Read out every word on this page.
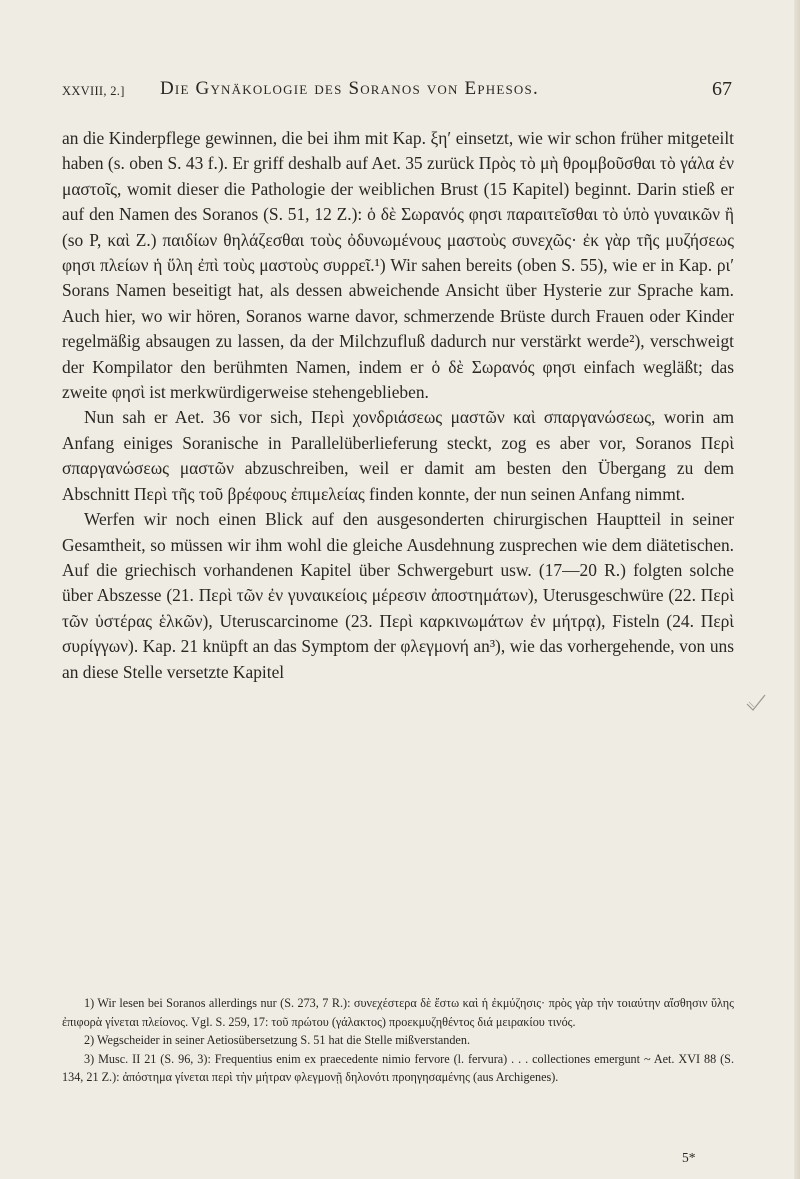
XXVIII, 2.] Die Gynäkologie des Soranos von Ephesos.	67

an die Kinderpflege gewinnen, die bei ihm mit Kap. ξη′ einsetzt, wie wir schon früher mitgeteilt haben (s. oben S. 43 f.). Er griff deshalb auf Aet. 35 zurück Πρὸς τὸ μὴ θρομβοῦσθαι τὸ γάλα ἐν μαστοῖς, womit dieser die Pathologie der weiblichen Brust (15 Kapitel) beginnt. Darin stieß er auf den Namen des Soranos (S. 51, 12 Z.): ὁ δὲ Σωρανός φησι παραιτεῖσθαι τὸ ὑπὸ γυναικῶν ἢ (so P, καὶ Z.) παιδίων θηλάζεσθαι τοὺς ὀδυνωμένους μαστοὺς συνεχῶς· ἐκ γὰρ τῆς μυζήσεως φησι πλείων ἡ ὕλη ἐπὶ τοὺς μαστοὺς συρρεῖ.¹) Wir sahen bereits (oben S. 55), wie er in Kap. ρι′ Sorans Namen beseitigt hat, als dessen abweichende Ansicht über Hysterie zur Sprache kam. Auch hier, wo wir hören, Soranos warne davor, schmerzende Brüste durch Frauen oder Kinder regelmäßig absaugen zu lassen, da der Milchzufluß dadurch nur verstärkt werde²), verschweigt der Kompilator den berühmten Namen, indem er ὁ δὲ Σωρανός φησι einfach wegläßt; das zweite φησὶ ist merkwürdigerweise stehengeblieben.

Nun sah er Aet. 36 vor sich, Περὶ χονδριάσεως μαστῶν καὶ σπαργανώσεως, worin am Anfang einiges Soranische in Parallelüberlieferung steckt, zog es aber vor, Soranos Περὶ σπαργανώσεως μαστῶν abzuschreiben, weil er damit am besten den Übergang zu dem Abschnitt Περὶ τῆς τοῦ βρέφους ἐπιμελείας finden konnte, der nun seinen Anfang nimmt.

Werfen wir noch einen Blick auf den ausgesonderten chirurgischen Hauptteil in seiner Gesamtheit, so müssen wir ihm wohl die gleiche Ausdehnung zusprechen wie dem diätetischen. Auf die griechisch vorhandenen Kapitel über Schwergeburt usw. (17—20 R.) folgten solche über Abszesse (21. Περὶ τῶν ἐν γυναικείοις μέρεσιν ἀποστημάτων), Uterusgeschwüre (22. Περὶ τῶν ὑστέρας ἑλκῶν), Uteruscarcinome (23. Περὶ καρκινωμάτων ἐν μήτρᾳ), Fisteln (24. Περὶ συρίγγων). Kap. 21 knüpft an das Symptom der φλεγμονή an³), wie das vorhergehende, von uns an diese Stelle versetzte Kapitel

1) Wir lesen bei Soranos allerdings nur (S. 273, 7 R.): συνεχέστερα δὲ ἔστω καὶ ἡ ἐκμύζησις· πρὸς γὰρ τὴν τοιαύτην αἴσθησιν ὕλης ἐπιφορὰ γίνεται πλείονος. Vgl. S. 259, 17: τοῦ πρώτου (γάλακτος) προεκμυζηθέντος διά μειρακίου τινός.

2) Wegscheider in seiner Aetiosübersetzung S. 51 hat die Stelle mißverstanden.

3) Musc. II 21 (S. 96, 3): Frequentius enim ex praecedente nimio fervore (l. fervura) . . . collectiones emergunt ~ Aet. XVI 88 (S. 134, 21 Z.): ἀπόστημα γίνεται περὶ τὴν μήτραν φλεγμονῇ δηλονότι προηγησαμένης (aus Archigenes).

5*
